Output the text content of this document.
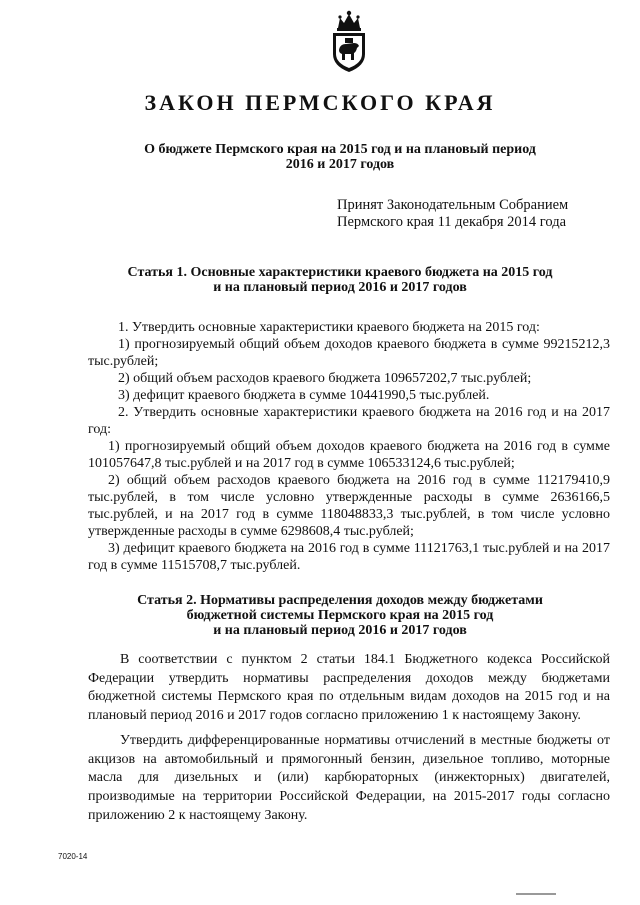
ЗАКОН ПЕРМСКОГО КРАЯ
О бюджете Пермского края на 2015 год и на плановый период
2016 и 2017 годов
Принят Законодательным Собранием
Пермского края 11 декабря 2014 года
Статья 1. Основные характеристики краевого бюджета на 2015 год
и на плановый период 2016 и 2017 годов

1. Утвердить основные характеристики краевого бюджета на 2015 год:

1) прогнозируемый общий объем доходов краевого бюджета в сумме 99215212,3 тыс.рублей;

2) общий объем расходов краевого бюджета 109657202,7 тыс.рублей;

3) дефицит краевого бюджета в сумме 10441990,5 тыс.рублей.

2. Утвердить основные характеристики краевого бюджета на 2016 год и на 2017 год:

1) прогнозируемый общий объем доходов краевого бюджета на 2016 год в сумме 101057647,8 тыс.рублей и на 2017 год в сумме 106533124,6 тыс.рублей;

2) общий объем расходов краевого бюджета на 2016 год в сумме 112179410,9 тыс.рублей, в том числе условно утвержденные расходы в сумме 2636166,5 тыс.рублей, и на 2017 год в сумме 118048833,3 тыс.рублей, в том числе условно утвержденные расходы в сумме 6298608,4 тыс.рублей;

3) дефицит краевого бюджета на 2016 год в сумме 11121763,1 тыс.рублей и на 2017 год в сумме 11515708,7 тыс.рублей.

Статья 2. Нормативы распределения доходов между бюджетами
бюджетной системы Пермского края на 2015 год
и на плановый период 2016 и 2017 годов

В соответствии с пунктом 2 статьи 184.1 Бюджетного кодекса Российской Федерации утвердить нормативы распределения доходов между бюджетами бюджетной системы Пермского края по отдельным видам доходов на 2015 год и на плановый период 2016 и 2017 годов согласно приложению 1 к настоящему Закону.

Утвердить дифференцированные нормативы отчислений в местные бюджеты от акцизов на автомобильный и прямогонный бензин, дизельное топливо, моторные масла для дизельных и (или) карбюраторных (инжекторных) двигателей, производимые на территории Российской Федерации, на 2015-2017 годы согласно приложению 2 к настоящему Закону.

7020-14
